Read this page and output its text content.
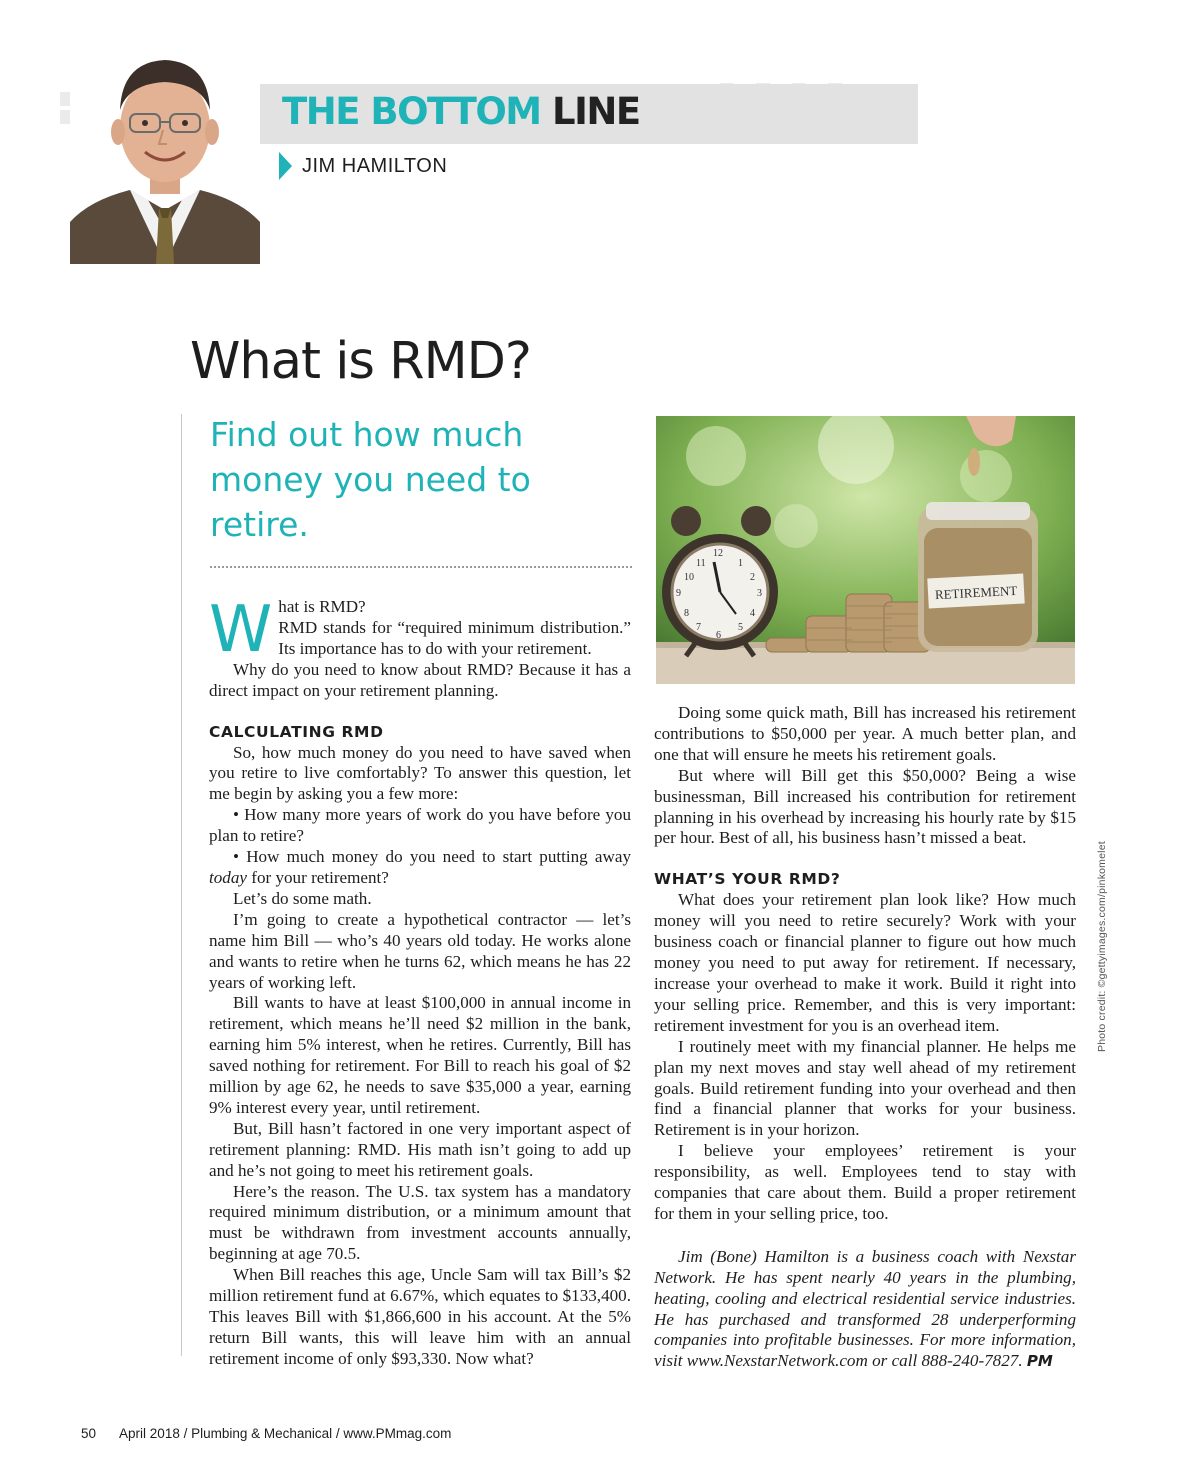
THE BOTTOM LINE
JIM HAMILTON
What is RMD?
Find out how much money you need to retire.
W hat is RMD?

RMD stands for “required minimum distribution.” Its importance has to do with your retirement.

Why do you need to know about RMD? Because it has a direct impact on your retirement planning.

CALCULATING RMD

So, how much money do you need to have saved when you retire to live comfortably? To answer this question, let me begin by asking you a few more:

• How many more years of work do you have before you plan to retire?

• How much money do you need to start putting away today for your retirement?

Let’s do some math.

I’m going to create a hypothetical contractor — let’s name him Bill — who’s 40 years old today. He works alone and wants to retire when he turns 62, which means he has 22 years of working left.

Bill wants to have at least $100,000 in annual income in retirement, which means he’ll need $2 million in the bank, earning him 5% interest, when he retires. Currently, Bill has saved nothing for retirement. For Bill to reach his goal of $2 million by age 62, he needs to save $35,000 a year, earning 9% interest every year, until retirement.

But, Bill hasn’t factored in one very important aspect of retirement planning: RMD. His math isn’t going to add up and he’s not going to meet his retirement goals.

Here’s the reason. The U.S. tax system has a mandatory required minimum distribution, or a minimum amount that must be withdrawn from investment accounts annually, beginning at age 70.5.

When Bill reaches this age, Uncle Sam will tax Bill’s $2 million retirement fund at 6.67%, which equates to $133,400. This leaves Bill with $1,866,600 in his account. At the 5% return Bill wants, this will leave him with an annual retirement income of only $93,330. Now what?

12
3
6
9
1
2
4
5
7
8
10
11
RETIREMENT
Photo credit: ©gettyimages.com/pinkomelet

Doing some quick math, Bill has increased his retirement contributions to $50,000 per year. A much better plan, and one that will ensure he meets his retirement goals.

But where will Bill get this $50,000? Being a wise businessman, Bill increased his contribution for retirement planning in his overhead by increasing his hourly rate by $15 per hour. Best of all, his business hasn’t missed a beat.

WHAT’S YOUR RMD?

What does your retirement plan look like? How much money will you need to retire securely? Work with your business coach or financial planner to figure out how much money you need to put away for retirement. If necessary, increase your overhead to make it work. Build it right into your selling price. Remember, and this is very important: retirement investment for you is an overhead item.

I routinely meet with my financial planner. He helps me plan my next moves and stay well ahead of my retirement goals. Build retirement funding into your overhead and then find a financial planner that works for your business. Retirement is in your horizon.

I believe your employees’ retirement is your responsibility, as well. Employees tend to stay with companies that care about them. Build a proper retirement for them in your selling price, too.

Jim (Bone) Hamilton is a business coach with Nexstar Network. He has spent nearly 40 years in the plumbing, heating, cooling and electrical residential service industries. He has purchased and transformed 28 underperforming companies into profitable businesses. For more information, visit www.NexstarNetwork.com or call 888-240-7827. PM

50 April 2018 / Plumbing & Mechanical / www.PMmag.com
